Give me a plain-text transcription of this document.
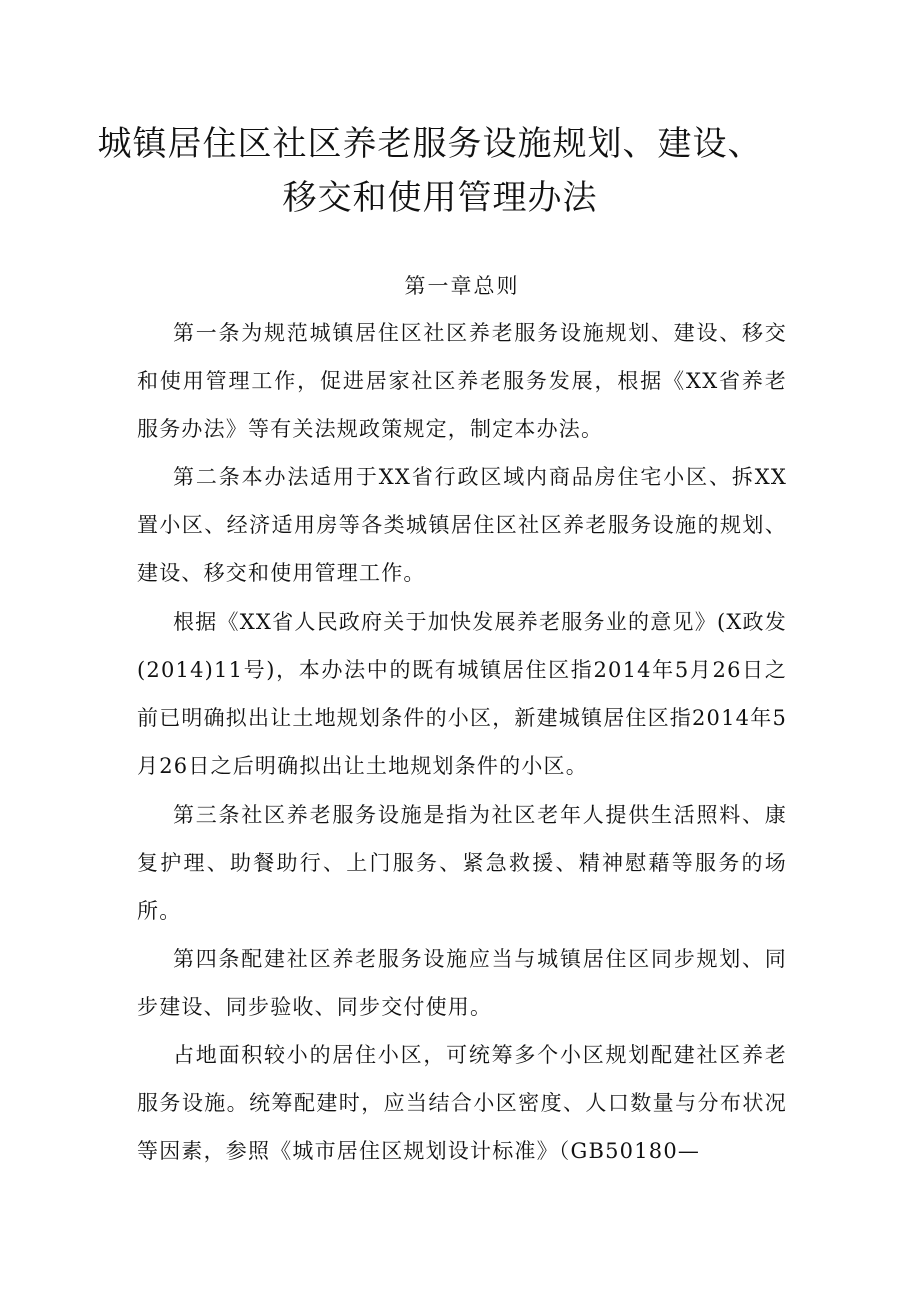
城镇居住区社区养老服务设施规划、建设、
移交和使用管理办法
第一章总则

第一条为规范城镇居住区社区养老服务设施规划、建设、移交和使用管理工作，促进居家社区养老服务发展，根据《XX省养老服务办法》等有关法规政策规定，制定本办法。

第二条本办法适用于XX省行政区域内商品房住宅小区、拆XX置小区、经济适用房等各类城镇居住区社区养老服务设施的规划、建设、移交和使用管理工作。

根据《XX省人民政府关于加快发展养老服务业的意见》(X政发(2014)11号)，本办法中的既有城镇居住区指2014年5月26日之前已明确拟出让土地规划条件的小区，新建城镇居住区指2014年5月26日之后明确拟出让土地规划条件的小区。

第三条社区养老服务设施是指为社区老年人提供生活照料、康复护理、助餐助行、上门服务、紧急救援、精神慰藉等服务的场所。

第四条配建社区养老服务设施应当与城镇居住区同步规划、同步建设、同步验收、同步交付使用。

占地面积较小的居住小区，可统筹多个小区规划配建社区养老服务设施。统筹配建时，应当结合小区密度、人口数量与分布状况等因素，参照《城市居住区规划设计标准》（GB50180—
